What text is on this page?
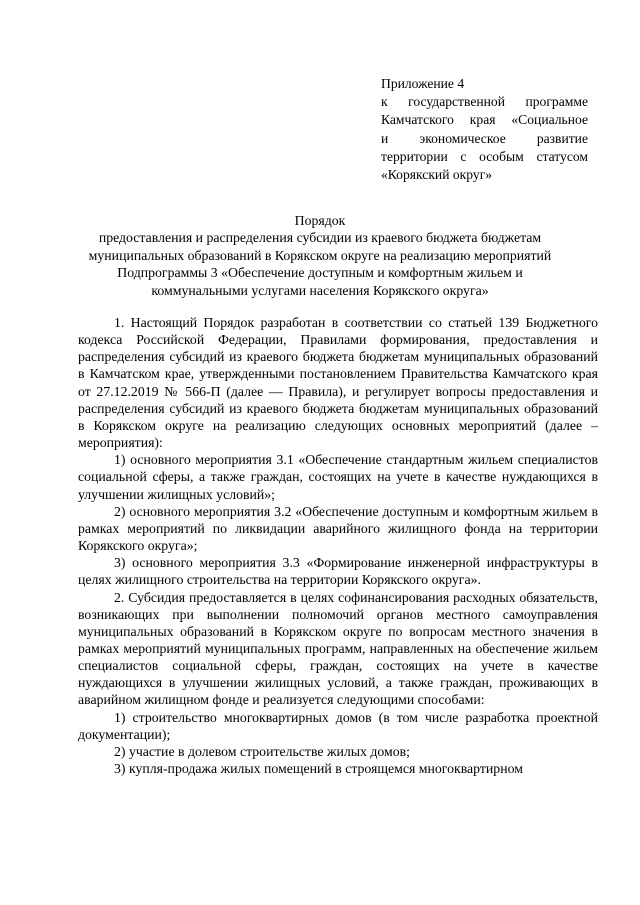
Приложение 4
к государственной программе
Камчатского края «Социальное
и экономическое развитие
территории с особым статусом
«Корякский округ»
Порядок
предоставления и распределения субсидии из краевого бюджета бюджетам
муниципальных образований в Корякском округе на реализацию мероприятий
Подпрограммы 3 «Обеспечение доступным и комфортным жильем и
коммунальными услугами населения Корякского округа»

1. Настоящий Порядок разработан в соответствии со статьей 139 Бюджетного кодекса Российской Федерации, Правилами формирования, предоставления и распределения субсидий из краевого бюджета бюджетам муниципальных образований в Камчатском крае, утвержденными постановлением Правительства Камчатского края от 27.12.2019 № 566-П (далее — Правила), и регулирует вопросы предоставления и распределения субсидий из краевого бюджета бюджетам муниципальных образований в Корякском округе на реализацию следующих основных мероприятий (далее – мероприятия):

1) основного мероприятия 3.1 «Обеспечение стандартным жильем специалистов социальной сферы, а также граждан, состоящих на учете в качестве нуждающихся в улучшении жилищных условий»;

2) основного мероприятия 3.2 «Обеспечение доступным и комфортным жильем в рамках мероприятий по ликвидации аварийного жилищного фонда на территории Корякского округа»;

3) основного мероприятия 3.3 «Формирование инженерной инфраструктуры в целях жилищного строительства на территории Корякского округа».

2. Субсидия предоставляется в целях софинансирования расходных обязательств, возникающих при выполнении полномочий органов местного самоуправления муниципальных образований в Корякском округе по вопросам местного значения в рамках мероприятий муниципальных программ, направленных на обеспечение жильем специалистов социальной сферы, граждан, состоящих на учете в качестве нуждающихся в улучшении жилищных условий, а также граждан, проживающих в аварийном жилищном фонде и реализуется следующими способами:

1) строительство многоквартирных домов (в том числе разработка проектной документации);

2) участие в долевом строительстве жилых домов;

3) купля-продажа жилых помещений в строящемся многоквартирном
